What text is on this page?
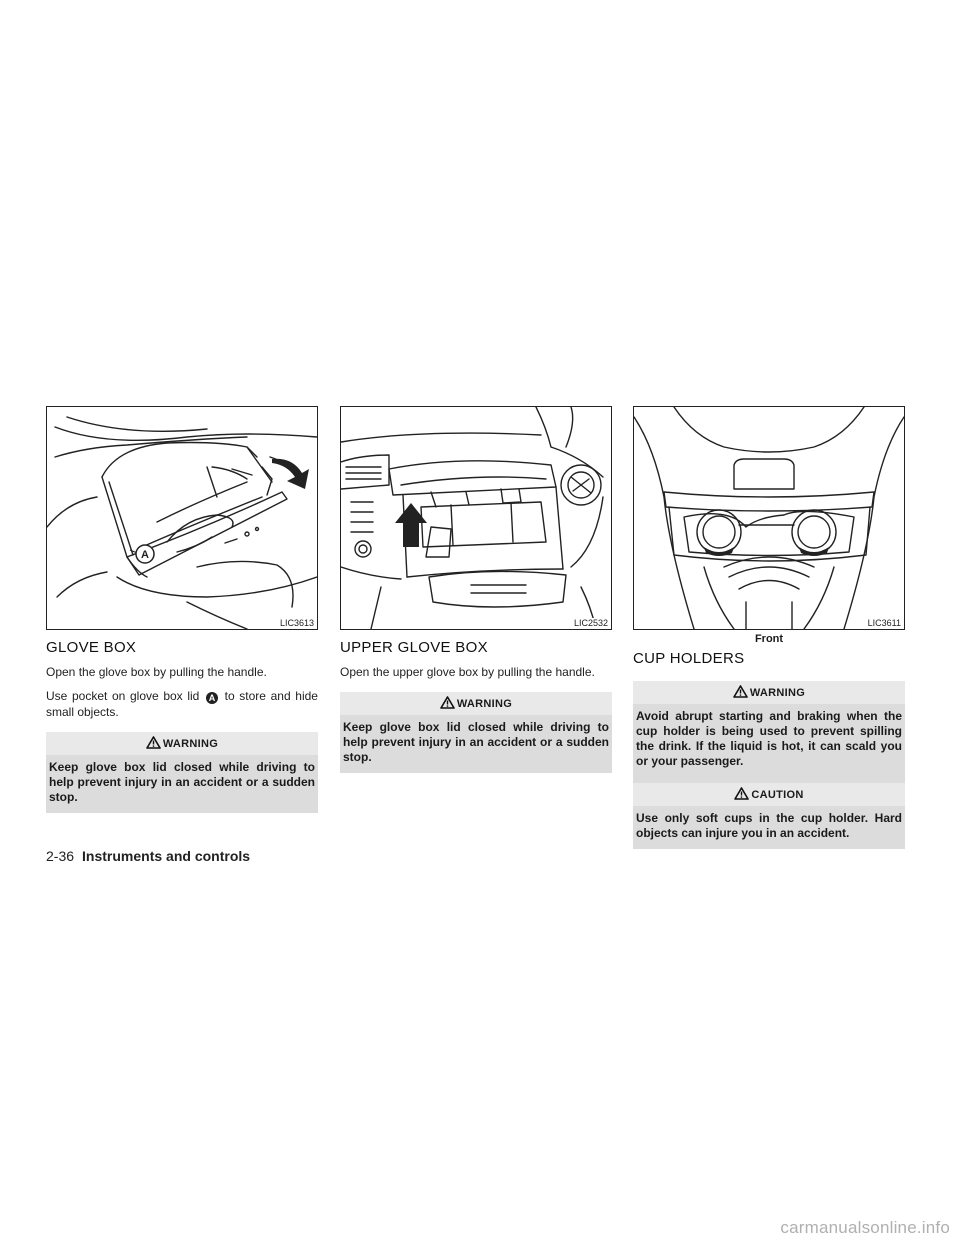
A
LIC3613
GLOVE BOX

Open the glove box by pulling the handle.

Use pocket on glove box lid A to store and hide small objects.

WARNING
Keep glove box lid closed while driving to help prevent injury in an accident or a sudden stop.
LIC2532
UPPER GLOVE BOX

Open the upper glove box by pulling the handle.

WARNING
Keep glove box lid closed while driving to help prevent injury in an accident or a sudden stop.
LIC3611
Front
CUP HOLDERS
WARNING
Avoid abrupt starting and braking when the cup holder is being used to prevent spilling the drink. If the liquid is hot, it can scald you or your passenger.
CAUTION
Use only soft cups in the cup holder. Hard objects can injure you in an accident.
2-36 Instruments and controls
carmanualsonline.info
